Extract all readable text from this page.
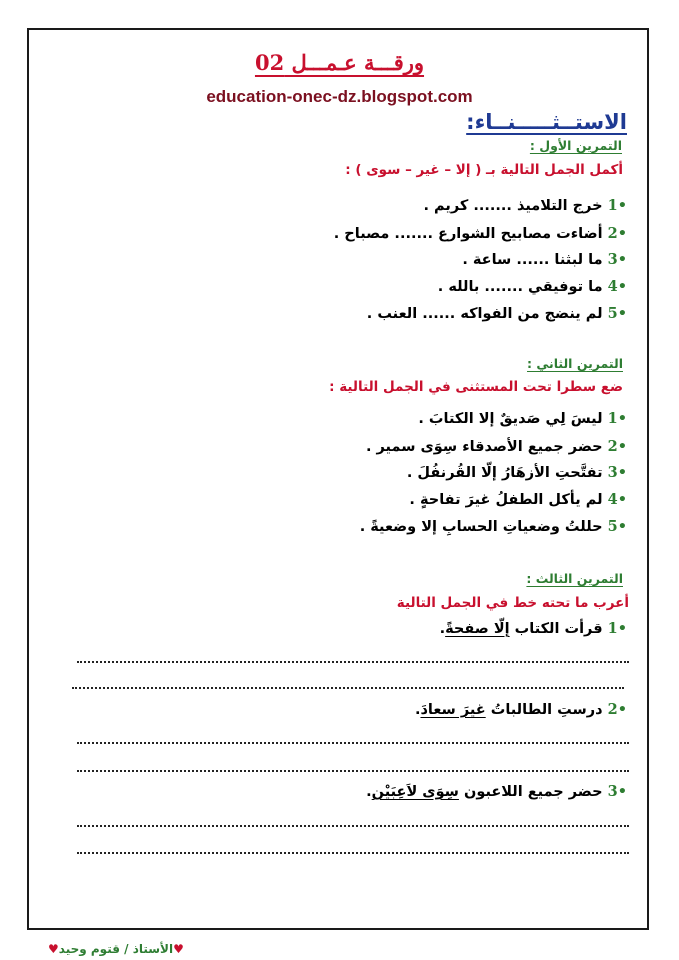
ورقـــة عـمـــل 02
education-onec-dz.blogspot.com
الاستــثـــــنــاء:
التمرين الأول :
أكمل الجمل التالية بـ ( إلا – غير – سوى ) :
•1 خرج التلاميذ ....... كريم .
•2 أضاءت مصابيح الشوارع ....... مصباح .
•3 ما لبثنا ...... ساعة .
•4 ما توفيقي ....... بالله .
•5 لم ينضج من الفواكه ...... العنب .
التمرين الثاني :
ضع سطرا تحت المستثنى في الجمل التالية :
•1 ليسَ لِي صَديقٌ إلا الكتابَ .
•2 حضر جميع الأصدقاء سِوَى سمير .
•3 تفتَّحتِ الأزهَارُ إلّا القُرنفُلَ .
•4 لم يأكل الطفلُ غيرَ تفاحةٍ .
•5 حللتُ وضعياتِ الحسابِ إلا وضعيةً .
التمرين الثالث :
أعرب ما تحته خط في الجمل التالية
•1 قرأت الكتاب إلّا صفحةً.
•2 درستِ الطالباتُ غيرَ سعادَ.
•3 حضر جميع اللاعبون سِوَى لاَعِبَيْن.
♥الأستاذ / قتوم وحيد♥
